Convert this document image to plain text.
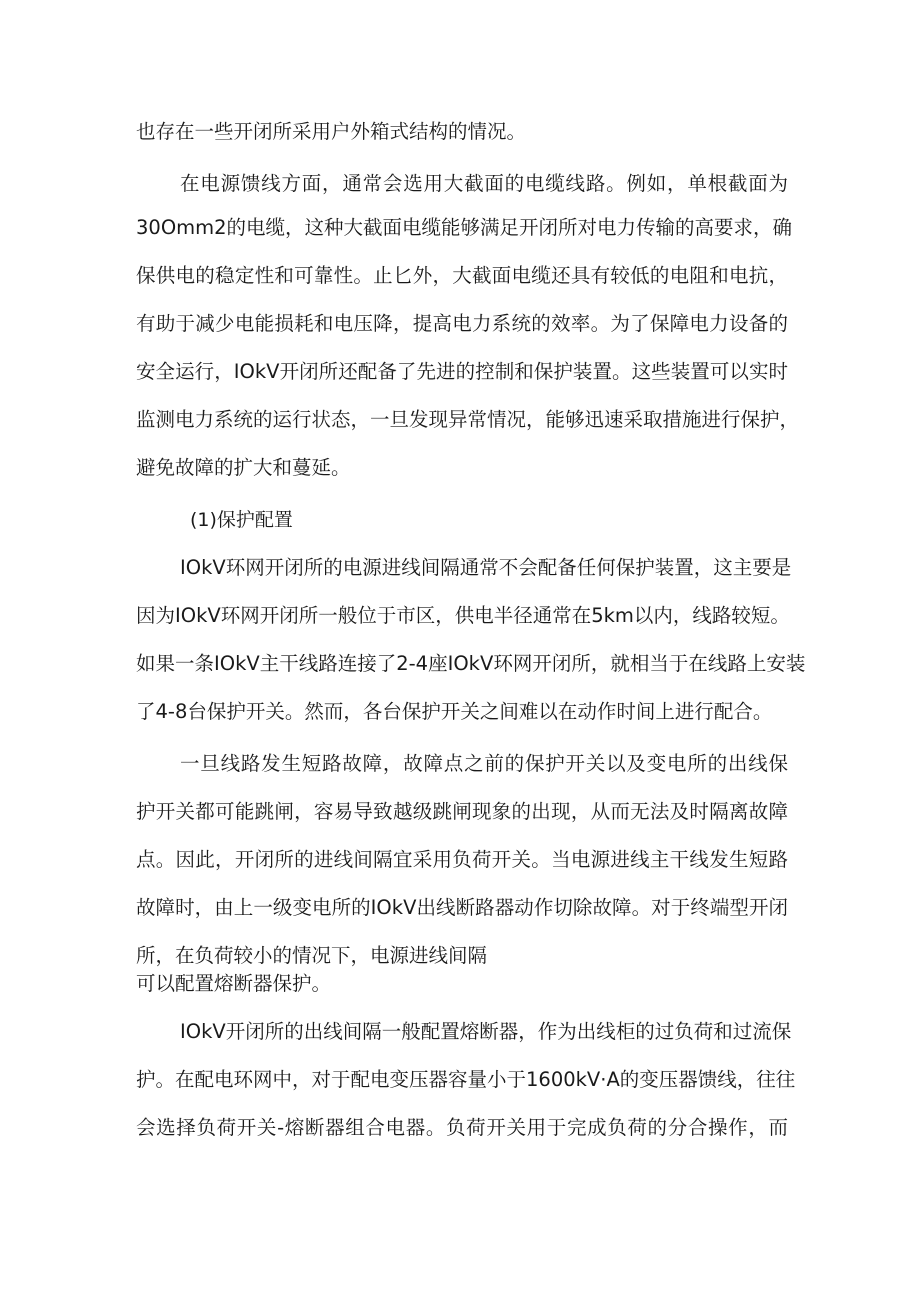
也存在一些开闭所采用户外箱式结构的情况。
在电源馈线方面，通常会选用大截面的电缆线路。例如，单根截面为
30Omm2的电缆，这种大截面电缆能够满足开闭所对电力传输的高要求，确
保供电的稳定性和可靠性。止匕外，大截面电缆还具有较低的电阻和电抗，
有助于减少电能损耗和电压降，提高电力系统的效率。为了保障电力设备的
安全运行，IOkV开闭所还配备了先进的控制和保护装置。这些装置可以实时
监测电力系统的运行状态，一旦发现异常情况，能够迅速采取措施进行保护，
避免故障的扩大和蔓延。
(1)保护配置
IOkV环网开闭所的电源进线间隔通常不会配备任何保护装置，这主要是
因为IOkV环网开闭所一般位于市区，供电半径通常在5km以内，线路较短。
如果一条IOkV主干线路连接了2-4座IOkV环网开闭所，就相当于在线路上安装
了4-8台保护开关。然而，各台保护开关之间难以在动作时间上进行配合。
一旦线路发生短路故障，故障点之前的保护开关以及变电所的出线保
护开关都可能跳闸，容易导致越级跳闸现象的出现，从而无法及时隔离故障
点。因此，开闭所的进线间隔宜采用负荷开关。当电源进线主干线发生短路
故障时，由上一级变电所的IOkV出线断路器动作切除故障。对于终端型开闭
所，在负荷较小的情况下，电源进线间隔
可以配置熔断器保护。
IOkV开闭所的出线间隔一般配置熔断器，作为出线柜的过负荷和过流保
护。在配电环网中，对于配电变压器容量小于1600kV·A的变压器馈线，往往
会选择负荷开关-熔断器组合电器。负荷开关用于完成负荷的分合操作，而
